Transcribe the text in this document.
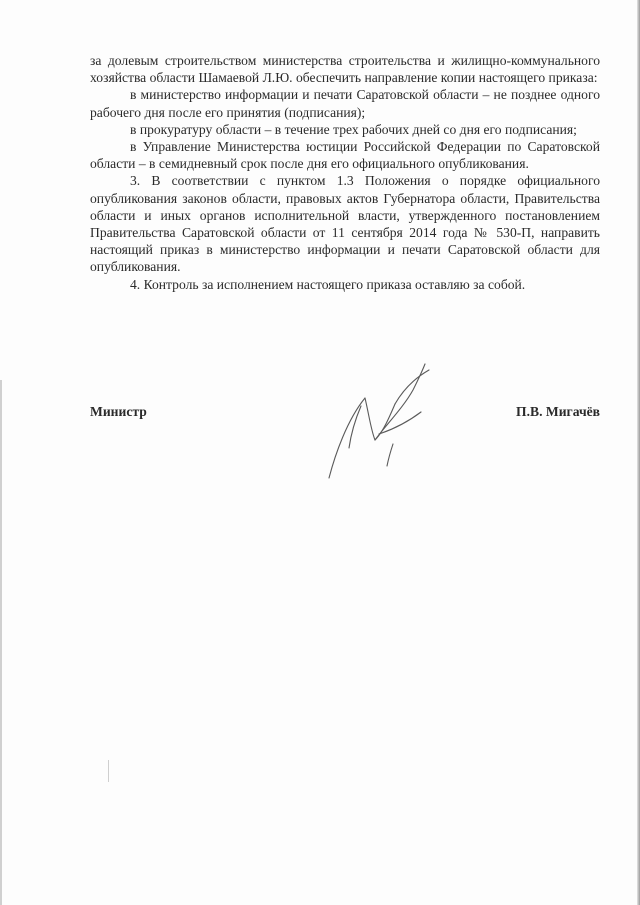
за долевым строительством министерства строительства и жилищно-коммунального хозяйства области Шамаевой Л.Ю. обеспечить направление копии настоящего приказа:

в министерство информации и печати Саратовской области – не позднее одного рабочего дня после его принятия (подписания);

в прокуратуру области – в течение трех рабочих дней со дня его подписания;

в Управление Министерства юстиции Российской Федерации по Саратовской области – в семидневный срок после дня его официального опубликования.

3. В соответствии с пунктом 1.3 Положения о порядке официального опубликования законов области, правовых актов Губернатора области, Правительства области и иных органов исполнительной власти, утвержденного постановлением Правительства Саратовской области от 11 сентября 2014 года № 530-П, направить настоящий приказ в министерство информации и печати Саратовской области для опубликования.

4. Контроль за исполнением настоящего приказа оставляю за собой.

Министр	П.В. Мигачёв
